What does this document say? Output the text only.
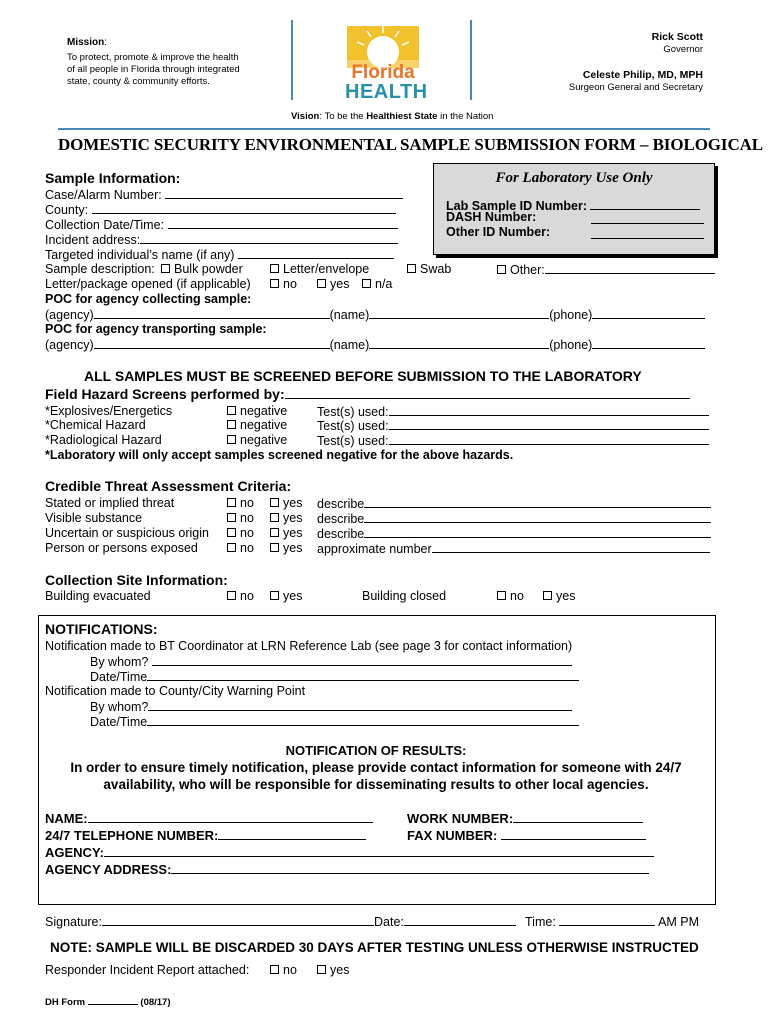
Mission:
To protect, promote & improve the health
of all people in Florida through integrated
state, county & community efforts.	Florida
HEALTH
Rick Scott
Governor
Celeste Philip, MD, MPH
Surgeon General and Secretary
Vision: To be the Healthiest State in the Nation
DOMESTIC SECURITY ENVIRONMENTAL SAMPLE SUBMISSION FORM – BIOLOGICAL
Sample Information:
Case/Alarm Number:
County:
Collection Date/Time:
Incident address:
Targeted individual’s name (if any)
Sample description:	Bulk powder	Letter/envelope	Swab	Other:
Letter/package opened (if applicable)	no	yes	n/a
POC for agency collecting sample:
(agency)	(name)	(phone)
POC for agency transporting sample:
(agency)	(name)	(phone)
For Laboratory Use Only
Lab Sample ID Number:
DASH Number:
Other ID Number:
ALL SAMPLES MUST BE SCREENED BEFORE SUBMISSION TO THE LABORATORY
Field Hazard Screens performed by:
*Explosives/Energetics	negative Test(s) used:
*Chemical Hazard	negative Test(s) used:
*Radiological Hazard	negative Test(s) used:
*Laboratory will only accept samples screened negative for the above hazards.
Credible Threat Assessment Criteria:
Stated or implied threat	no	yes describe
Visible substance	no	yes describe
Uncertain or suspicious origin	no	yes describe
Person or persons exposed	no	yes approximate number
Collection Site Information:
Building evacuated	no	yes	Building closed	no	yes
NOTIFICATIONS:
Notification made to BT Coordinator at LRN Reference Lab (see page 3 for contact information)
By whom?
Date/Time
Notification made to County/City Warning Point
By whom?
Date/Time
NOTIFICATION OF RESULTS:
In order to ensure timely notification, please provide contact information for someone with 24/7
availability, who will be responsible for disseminating results to other local agencies.
NAME:	WORK NUMBER:
24/7 TELEPHONE NUMBER:	FAX NUMBER:
AGENCY:
AGENCY ADDRESS:
Signature:	Date:	Time:	AM PM
NOTE: SAMPLE WILL BE DISCARDED 30 DAYS AFTER TESTING UNLESS OTHERWISE INSTRUCTED
Responder Incident Report attached:	no	yes
DH Form	(08/17)
